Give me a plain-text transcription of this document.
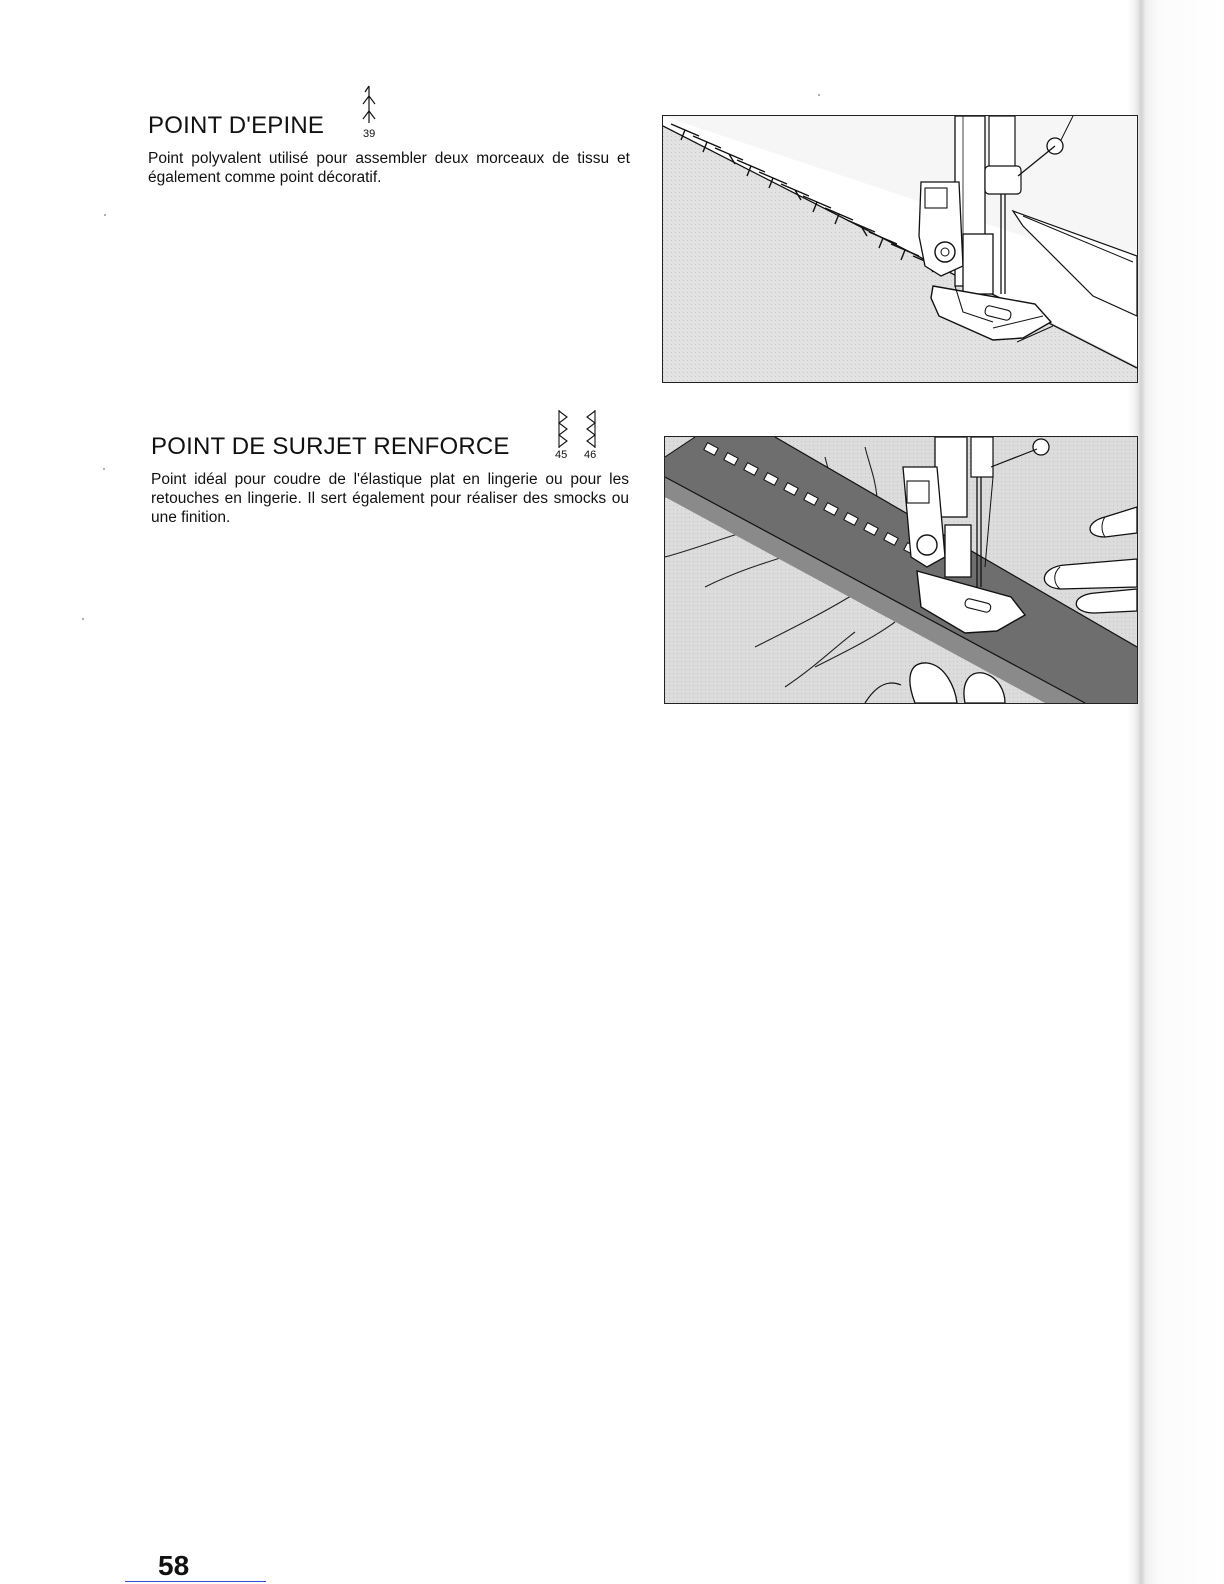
POINT D'EPINE	39

Point polyvalent utilisé pour assembler deux morceaux de tissu et également comme point décoratif.

POINT DE SURJET RENFORCE	45 46

Point idéal pour coudre de l'élastique plat en lingerie ou pour les retouches en lingerie. Il sert également pour réaliser des smocks ou une finition.

58
